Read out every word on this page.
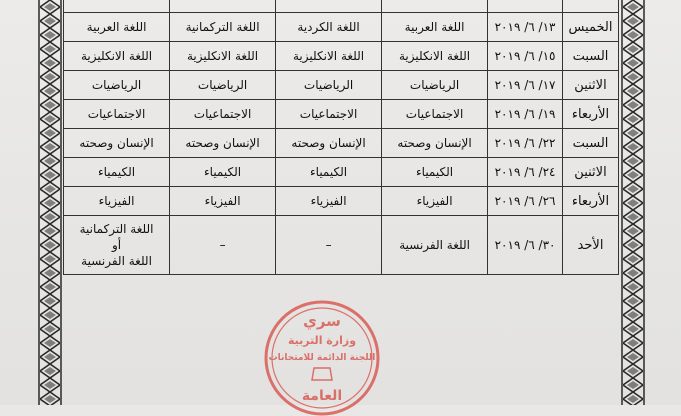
الخميس	١٣/ ٦/ ٢٠١٩	اللغة العربية	اللغة الكردية	اللغة التركمانية	اللغة العربية
السبت	١٥/ ٦/ ٢٠١٩	اللغة الانكليزية	اللغة الانكليزية	اللغة الانكليزية	اللغة الانكليزية
الاثنين	١٧/ ٦/ ٢٠١٩	الرياضيات	الرياضيات	الرياضيات	الرياضيات
الأربعاء	١٩/ ٦/ ٢٠١٩	الاجتماعيات	الاجتماعيات	الاجتماعيات	الاجتماعيات
السبت	٢٢/ ٦/ ٢٠١٩	الإنسان وصحته	الإنسان وصحته	الإنسان وصحته	الإنسان وصحته
الاثنين	٢٤/ ٦/ ٢٠١٩	الكيمياء	الكيمياء	الكيمياء	الكيمياء
الأربعاء	٢٦/ ٦/ ٢٠١٩	الفيزياء	الفيزياء	الفيزياء	الفيزياء
الأحد	٣٠/ ٦/ ٢٠١٩	اللغة الفرنسية	–	–	اللغة التركمانية
أو
اللغة الفرنسية
سري
وزارة التربية
اللجنة الدائمة للامتحانات
العامة
